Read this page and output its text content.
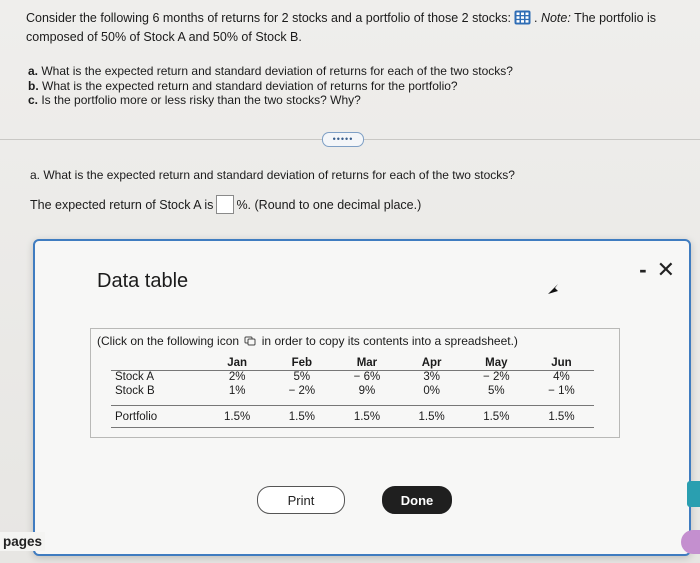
Consider the following 6 months of returns for 2 stocks and a portfolio of those 2 stocks: . Note: The portfolio is composed of 50% of Stock A and 50% of Stock B.
a. What is the expected return and standard deviation of returns for each of the two stocks?
b. What is the expected return and standard deviation of returns for the portfolio?
c. Is the portfolio more or less risky than the two stocks? Why?
•••••
a. What is the expected return and standard deviation of returns for each of the two stocks?
The expected return of Stock A is %. (Round to one decimal place.)
Data table	- ✕
(Click on the following icon in order to copy its contents into a spreadsheet.)
	Jan	Feb	Mar	Apr	May	Jun
Stock A	2%	5%	− 6%	3%	− 2%	4%
Stock B	1%	− 2%	9%	0%	5%	− 1%
Portfolio	1.5%	1.5%	1.5%	1.5%	1.5%	1.5%
Print	Done
pages
